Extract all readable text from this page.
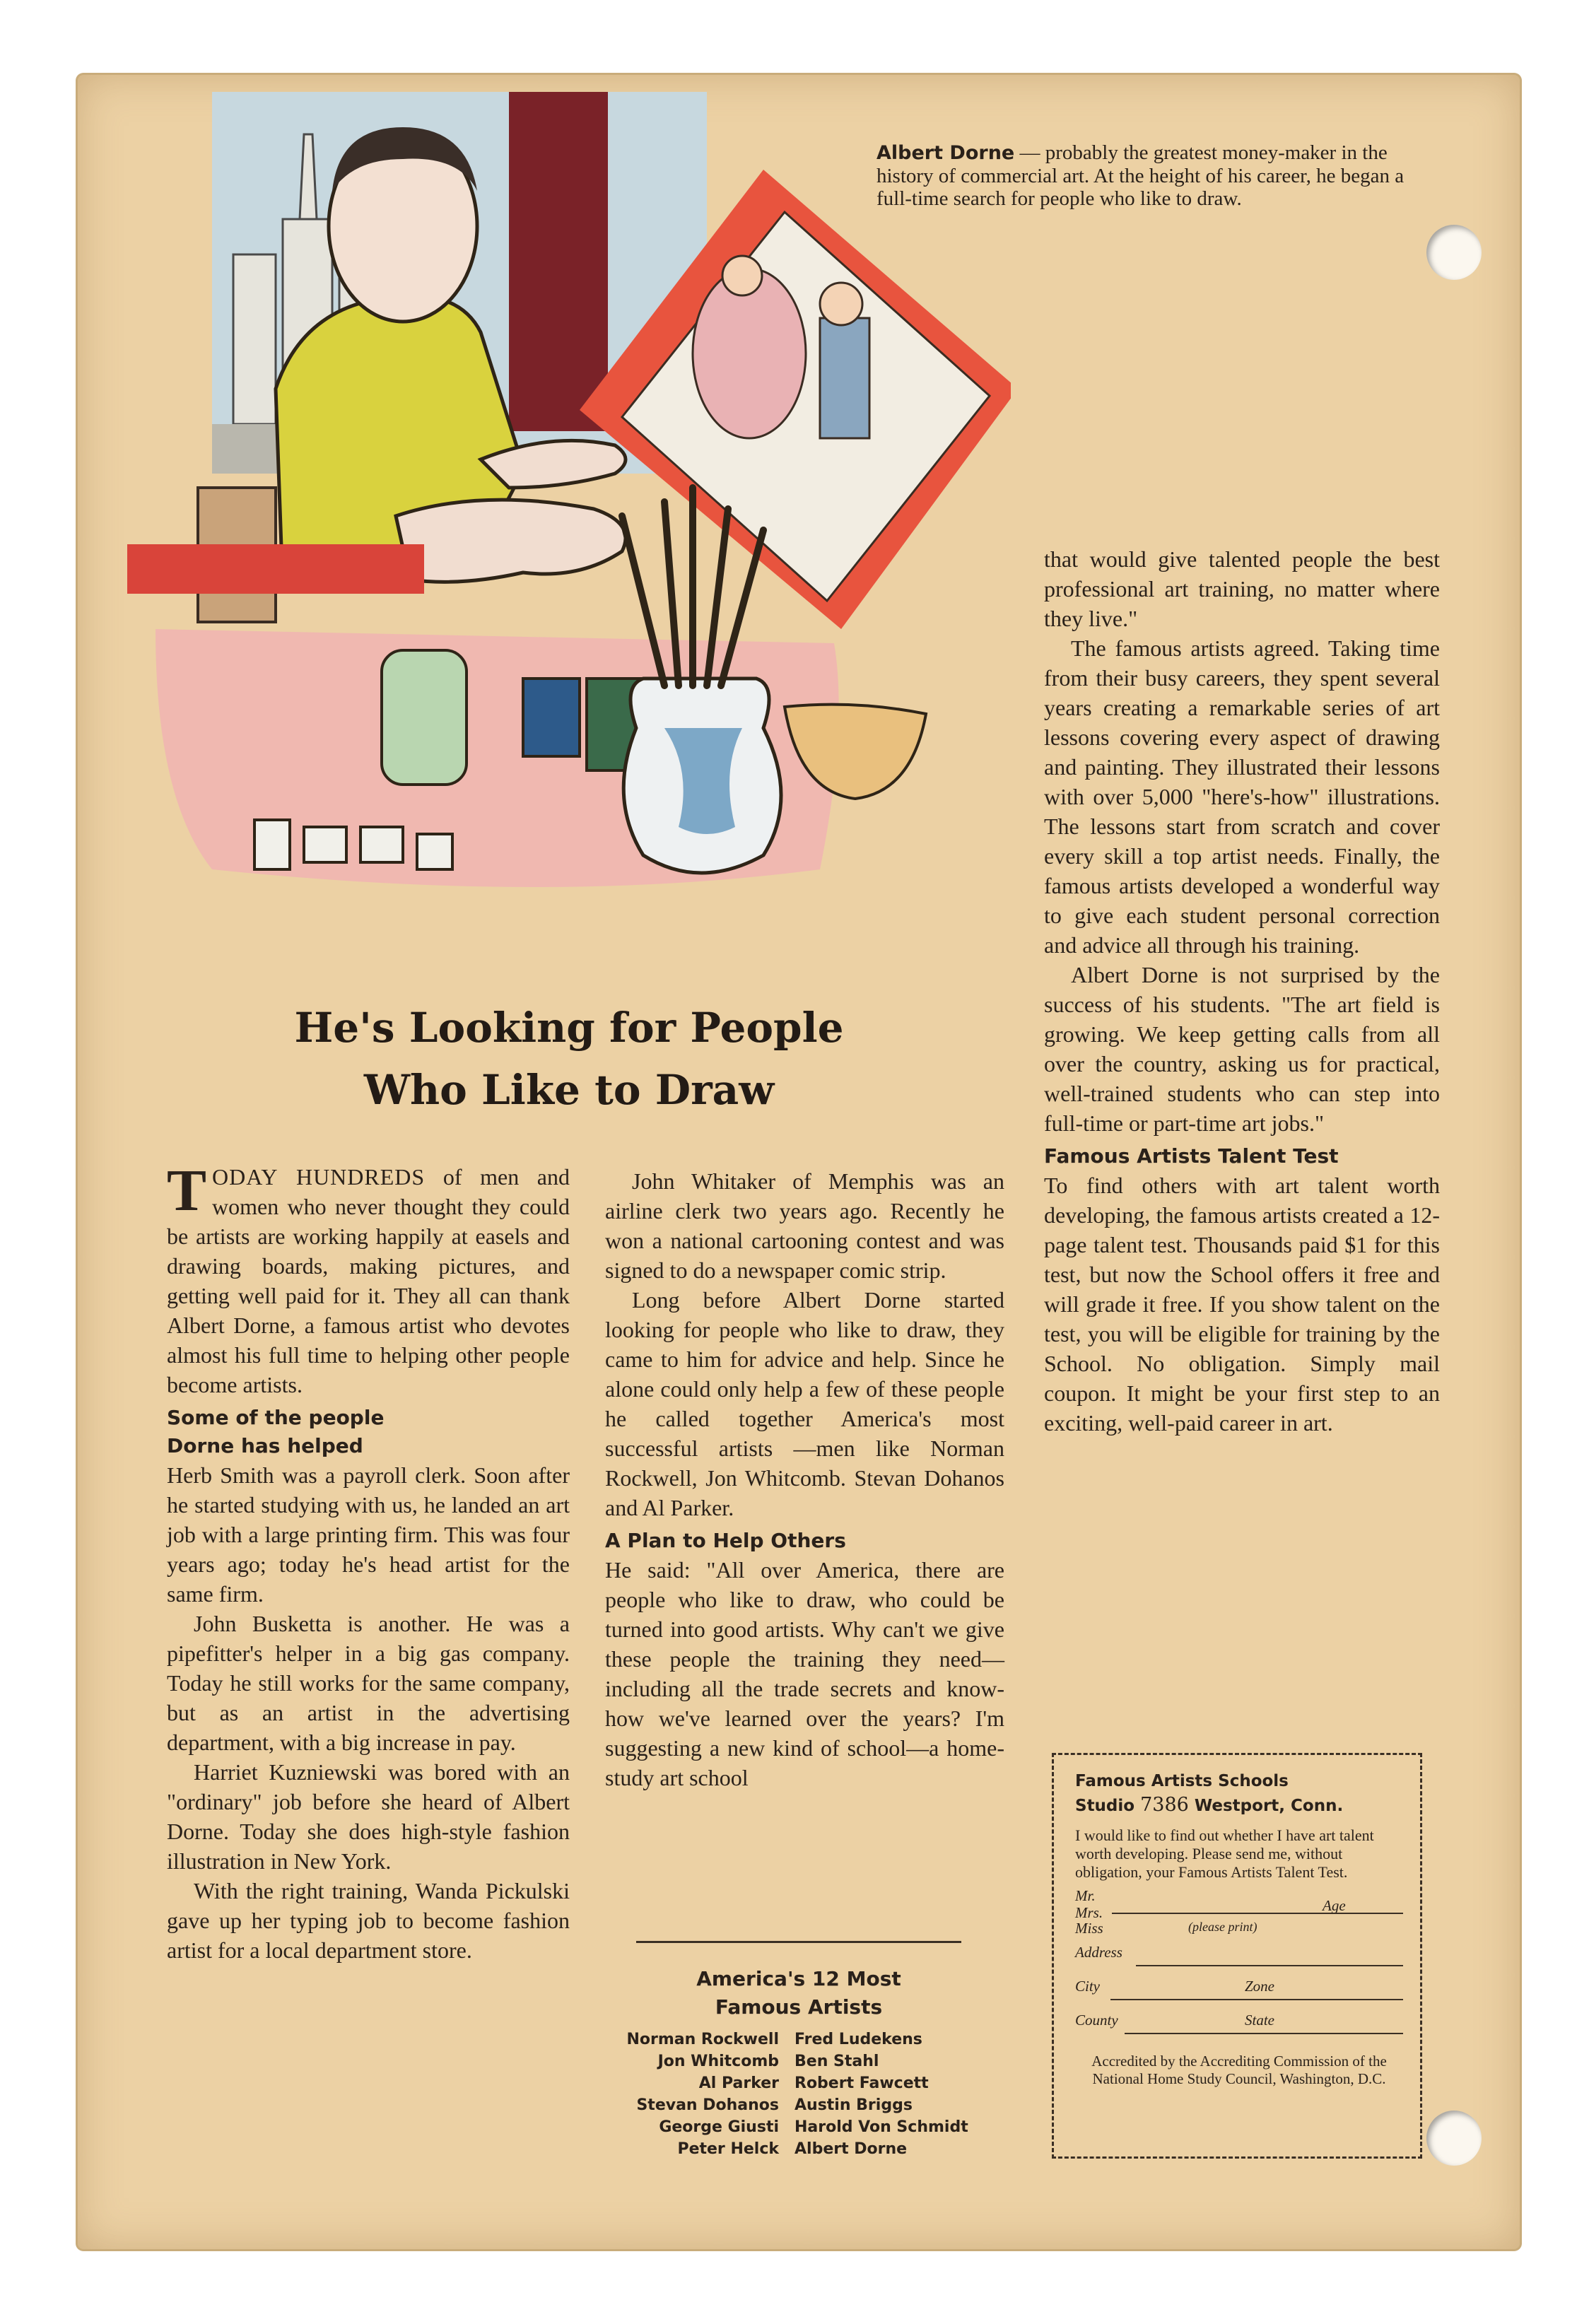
Albert Dorne — probably the greatest money-maker in the history of commercial art. At the height of his career, he began a full-time search for people who like to draw.
He's Looking for People
Who Like to Draw

TODAY HUNDREDS of men and women who never thought they could be artists are working happily at easels and drawing boards, making pictures, and getting well paid for it. They all can thank Albert Dorne, a famous artist who devotes almost his full time to helping other people become artists.

Some of the people
Dorne has helped

Herb Smith was a payroll clerk. Soon after he started studying with us, he landed an art job with a large printing firm. This was four years ago; today he's head artist for the same firm.

John Busketta is another. He was a pipefitter's helper in a big gas company. Today he still works for the same company, but as an artist in the advertising department, with a big increase in pay.

Harriet Kuzniewski was bored with an "ordinary" job before she heard of Albert Dorne. Today she does high-style fashion illustration in New York.

With the right training, Wanda Pickulski gave up her typing job to become fashion artist for a local department store.

John Whitaker of Memphis was an airline clerk two years ago. Recently he won a national cartooning contest and was signed to do a newspaper comic strip.

Long before Albert Dorne started looking for people who like to draw, they came to him for advice and help. Since he alone could only help a few of these people he called together America's most successful artists —men like Norman Rockwell, Jon Whitcomb. Stevan Dohanos and Al Parker.

A Plan to Help Others

He said: "All over America, there are people who like to draw, who could be turned into good artists. Why can't we give these people the training they need—including all the trade secrets and know-how we've learned over the years? I'm suggesting a new kind of school—a home-study art school

America's 12 Most
Famous Artists
Norman Rockwell	Fred Ludekens
Jon Whitcomb	Ben Stahl
Al Parker	Robert Fawcett
Stevan Dohanos	Austin Briggs
George Giusti	Harold Von Schmidt
Peter Helck	Albert Dorne

that would give talented people the best professional art training, no matter where they live."

The famous artists agreed. Taking time from their busy careers, they spent several years creating a remarkable series of art lessons covering every aspect of drawing and painting. They illustrated their lessons with over 5,000 "here's-how" illustrations. The lessons start from scratch and cover every skill a top artist needs. Finally, the famous artists developed a wonderful way to give each student personal correction and advice all through his training.

Albert Dorne is not surprised by the success of his students. "The art field is growing. We keep getting calls from all over the country, asking us for practical, well-trained students who can step into full-time or part-time art jobs."

Famous Artists Talent Test

To find others with art talent worth developing, the famous artists created a 12-page talent test. Thousands paid $1 for this test, but now the School offers it free and will grade it free. If you show talent on the test, you will be eligible for training by the School. No obligation. Simply mail coupon. It might be your first step to an exciting, well-paid career in art.

Famous Artists Schools
Studio 7386 Westport, Conn.
I would like to find out whether I have art talent worth developing. Please send me, without obligation, your Famous Artists Talent Test.
Mr.
Mrs.
Miss	(please print)
Age
Address
City	Zone
County	State
Accredited by the Accrediting Commission of the National Home Study Council, Washington, D.C.
